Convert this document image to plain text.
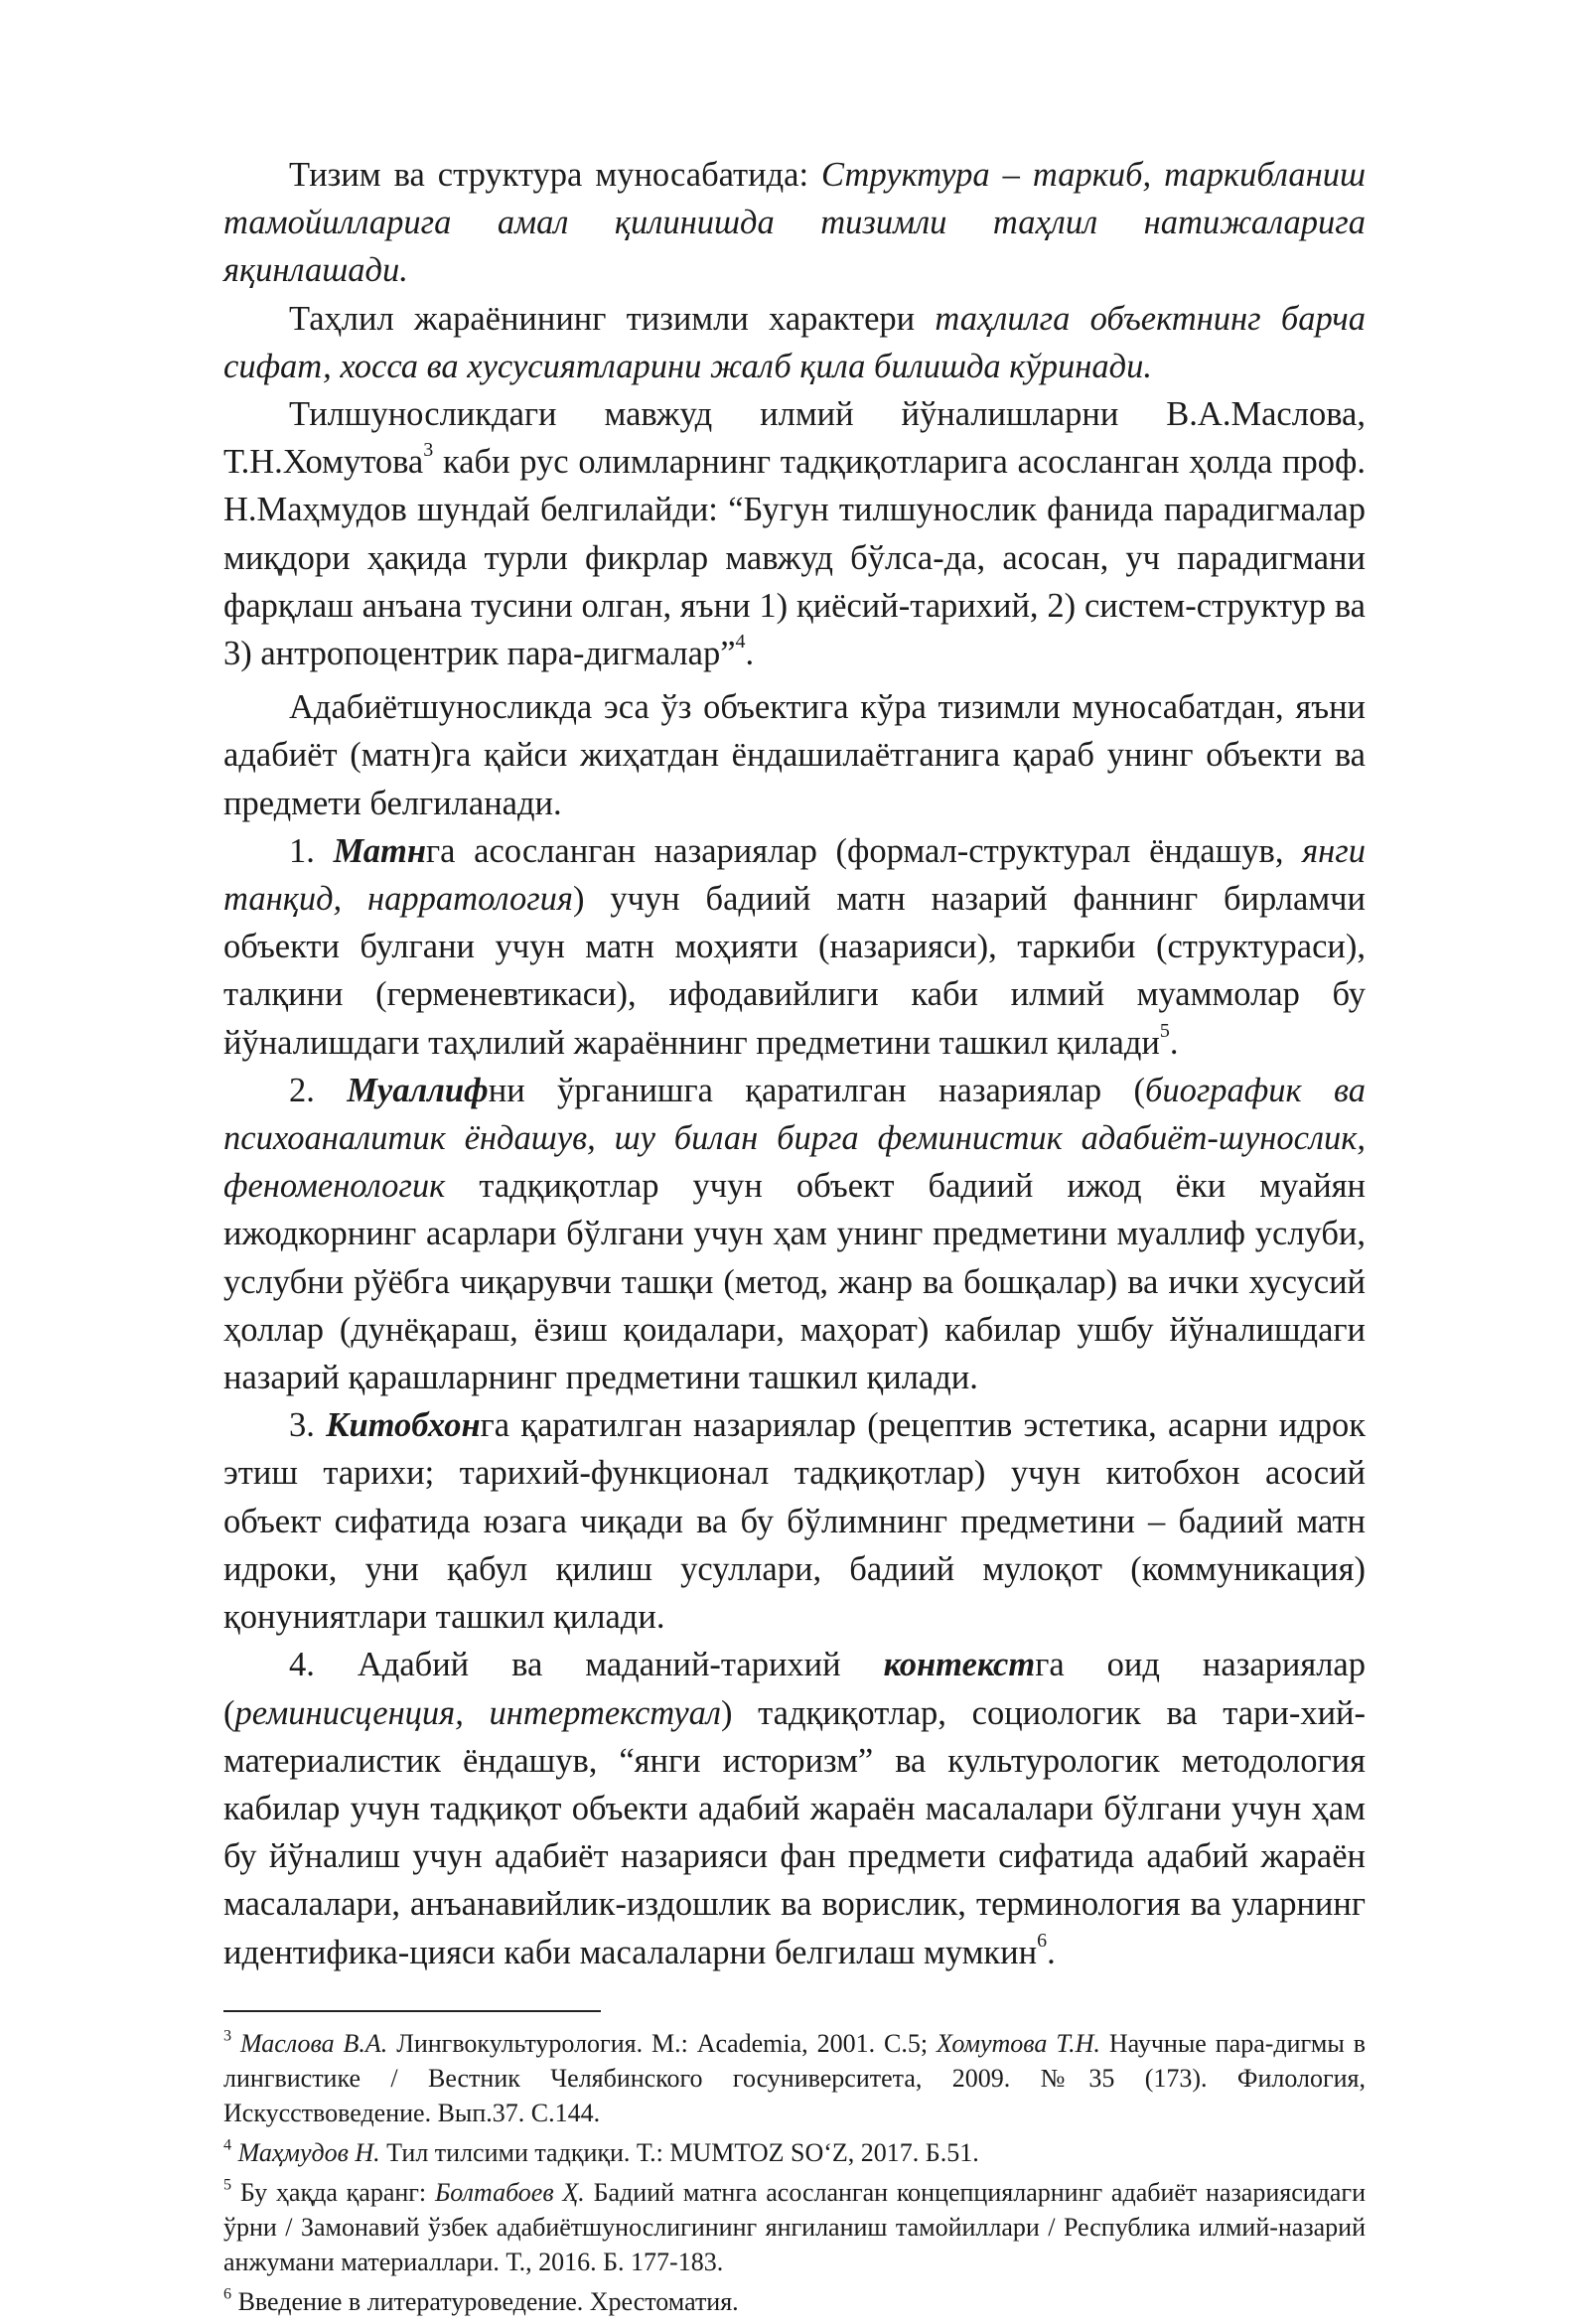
Тизим ва структура муносабатида: Структура – таркиб, таркибланиш тамойилларига амал қилинишда тизимли таҳлил натижаларига яқинлашади.

Таҳлил жараёнининг тизимли характери таҳлилга объектнинг барча сифат, хосса ва хусусиятларини жалб қила билишда кўринади.

Тилшуносликдаги мавжуд илмий йўналишларни В.А.Маслова, Т.Н.Хомутова$^3$ каби рус олимларнинг тадқиқотларига асосланган ҳолда проф. Н.Маҳмудов шундай белгилайди: “Бугун тилшунослик фанида парадигмалар миқдори ҳақида турли фикрлар мавжуд бўлса-да, асосан, уч парадигмани фарқлаш анъана тусини олган, яъни 1) қиёсий-тарихий, 2) систем-структур ва 3) антропоцентрик пара-дигмалар”$^4$.

Адабиётшуносликда эса ўз объектига кўра тизимли муносабатдан, яъни адабиёт (матн)га қайси жиҳатдан ёндашилаётганига қараб унинг объекти ва предмети белгиланади.

1. Матнга асосланган назариялар (формал-структурал ёндашув, янги танқид, нарратология) учун бадиий матн назарий фаннинг бирламчи объекти булгани учун матн моҳияти (назарияси), таркиби (структураси), талқини (герменевтикаси), ифодавийлиги каби илмий муаммолар бу йўналишдаги таҳлилий жараённинг предметини ташкил қилади$^5$.

2. Муаллифни ўрганишга қаратилган назариялар (биографик ва психоаналитик ёндашув, шу билан бирга феминистик адабиёт-шунослик, феноменологик тадқиқотлар учун объект бадиий ижод ёки муайян ижодкорнинг асарлари бўлгани учун ҳам унинг предметини муаллиф услуби, услубни рўёбга чиқарувчи ташқи (метод, жанр ва бошқалар) ва ички хусусий ҳоллар (дунёқараш, ёзиш қоидалари, маҳорат) кабилар ушбу йўналишдаги назарий қарашларнинг предметини ташкил қилади.

3. Китобхонга қаратилган назариялар (рецептив эстетика, асарни идрок этиш тарихи; тарихий-функционал тадқиқотлар) учун китобхон асосий объект сифатида юзага чиқади ва бу бўлимнинг предметини – бадиий матн идроки, уни қабул қилиш усуллари, бадиий мулоқот (коммуникация) қонуниятлари ташкил қилади.

4. Адабий ва маданий-тарихий контекстга оид назариялар (реминисценция, интертекстуал) тадқиқотлар, социологик ва тари-хий-материалистик ёндашув, “янги историзм” ва культурологик методология кабилар учун тадқиқот объекти адабий жараён масалалари бўлгани учун ҳам бу йўналиш учун адабиёт назарияси фан предмети сифатида адабий жараён масалалари, анъанавийлик-издошлик ва ворислик, терминология ва уларнинг идентифика-цияси каби масалаларни белгилаш мумкин$^6$.

$^3$ Маслова В.А. Лингвокультурология. М.: Academia, 2001. С.5; Хомутова Т.Н. Научные пара-дигмы в лингвистике / Вестник Челябинского госуниверситета, 2009. №35 (173). Филология, Искусствоведение. Вып.37. С.144.

$^4$ Маҳмудов Н. Тил тилсими тадқиқи. Т.: MUMTOZ SO‘Z, 2017. Б.51.

$^5$ Бу ҳақда қаранг: Болтабоев Ҳ. Бадиий матнга асосланган концепцияларнинг адабиёт назариясидаги ўрни / Замонавий ўзбек адабиётшунослигининг янгиланиш тамойиллари / Республика илмий-назарий анжумани материаллари. Т., 2016. Б. 177-183.

$^6$ Введение в литературоведение. Хрестоматия.
